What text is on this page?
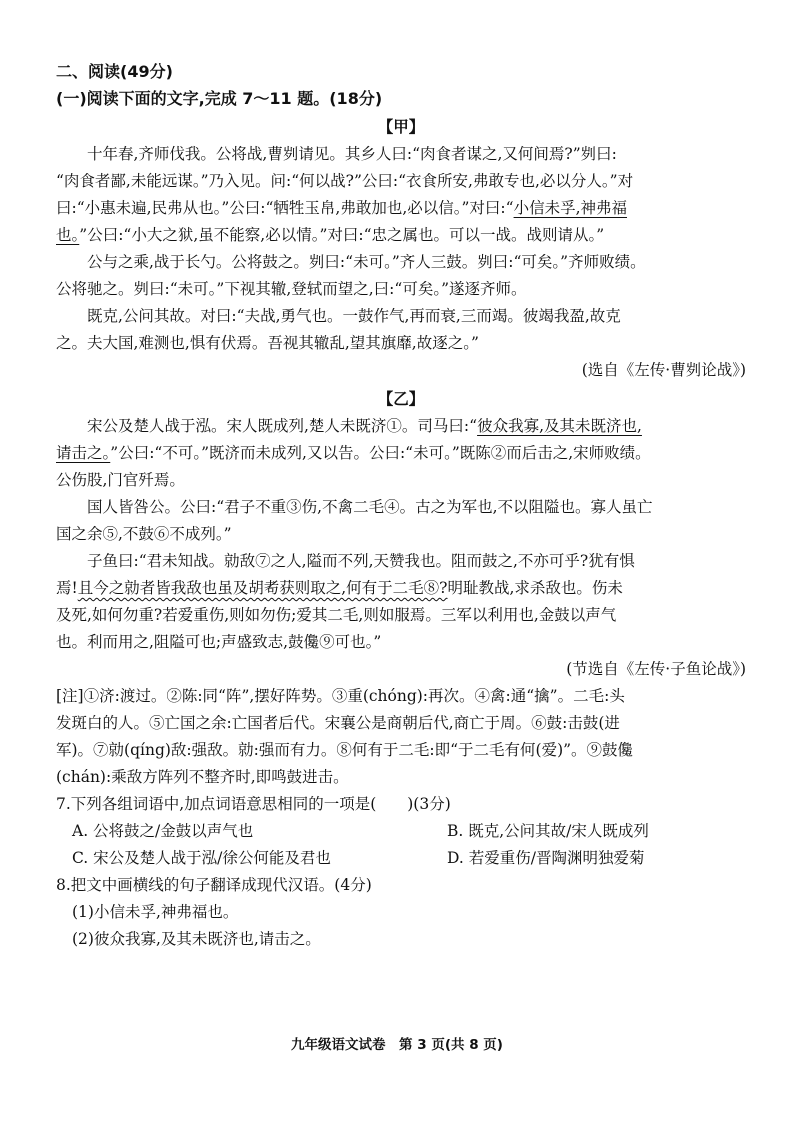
二、阅读(49分)
(一)阅读下面的文字,完成 7～11 题。(18分)
【甲】
十年春,齐师伐我。公将战,曹刿请见。其乡人曰:“肉食者谋之,又何间焉?”刿曰:
“肉食者鄙,未能远谋。”乃入见。问:“何以战?”公曰:“衣食所安,弗敢专也,必以分人。”对
曰:“小惠未遍,民弗从也。”公曰:“牺牲玉帛,弗敢加也,必以信。”对曰:“小信未孚,神弗福
也。”公曰:“小大之狱,虽不能察,必以情。”对曰:“忠之属也。可以一战。战则请从。”
公与之乘,战于长勺。公将鼓之。刿曰:“未可。”齐人三鼓。刿曰:“可矣。”齐师败绩。
公将驰之。刿曰:“未可。”下视其辙,登轼而望之,曰:“可矣。”遂逐齐师。
既克,公问其故。对曰:“夫战,勇气也。一鼓作气,再而衰,三而竭。彼竭我盈,故克
之。夫大国,难测也,惧有伏焉。吾视其辙乱,望其旗靡,故逐之。”
(选自《左传·曹刿论战》)
【乙】
宋公及楚人战于泓。宋人既成列,楚人未既济①。司马曰:“彼众我寡,及其未既济也,
请击之。”公曰:“不可。”既济而未成列,又以告。公曰:“未可。”既陈②而后击之,宋师败绩。
公伤股,门官歼焉。
国人皆咎公。公曰:“君子不重③伤,不禽二毛④。古之为军也,不以阻隘也。寡人虽亡
国之余⑤,不鼓⑥不成列。”
子鱼曰:“君未知战。勍敌⑦之人,隘而不列,天赞我也。阻而鼓之,不亦可乎?犹有惧
焉!且今之勍者皆我敌也虽及胡耇获则取之,何有于二毛⑧?明耻教战,求杀敌也。伤未
及死,如何勿重?若爱重伤,则如勿伤;爱其二毛,则如服焉。三军以利用也,金鼓以声气
也。利而用之,阻隘可也;声盛致志,鼓儳⑨可也。”
(节选自《左传·子鱼论战》)
[注]①济:渡过。②陈:同“阵”,摆好阵势。③重(chóng):再次。④禽:通“擒”。二毛:头
发斑白的人。⑤亡国之余:亡国者后代。宋襄公是商朝后代,商亡于周。⑥鼓:击鼓(进
军)。⑦勍(qíng)敌:强敌。勍:强而有力。⑧何有于二毛:即“于二毛有何(爱)”。⑨鼓儳
(chán):乘敌方阵列不整齐时,即鸣鼓进击。
7.下列各组词语中,加点词语意思相同的一项是(　　)(3分)
A. 公将鼓之/金鼓以声气也	B. 既克,公问其故/宋人既成列
C. 宋公及楚人战于泓/徐公何能及君也	D. 若爱重伤/晋陶渊明独爱菊
8.把文中画横线的句子翻译成现代汉语。(4分)
(1)小信未孚,神弗福也。
(2)彼众我寡,及其未既济也,请击之。
九年级语文试卷　第 3 页(共 8 页)
